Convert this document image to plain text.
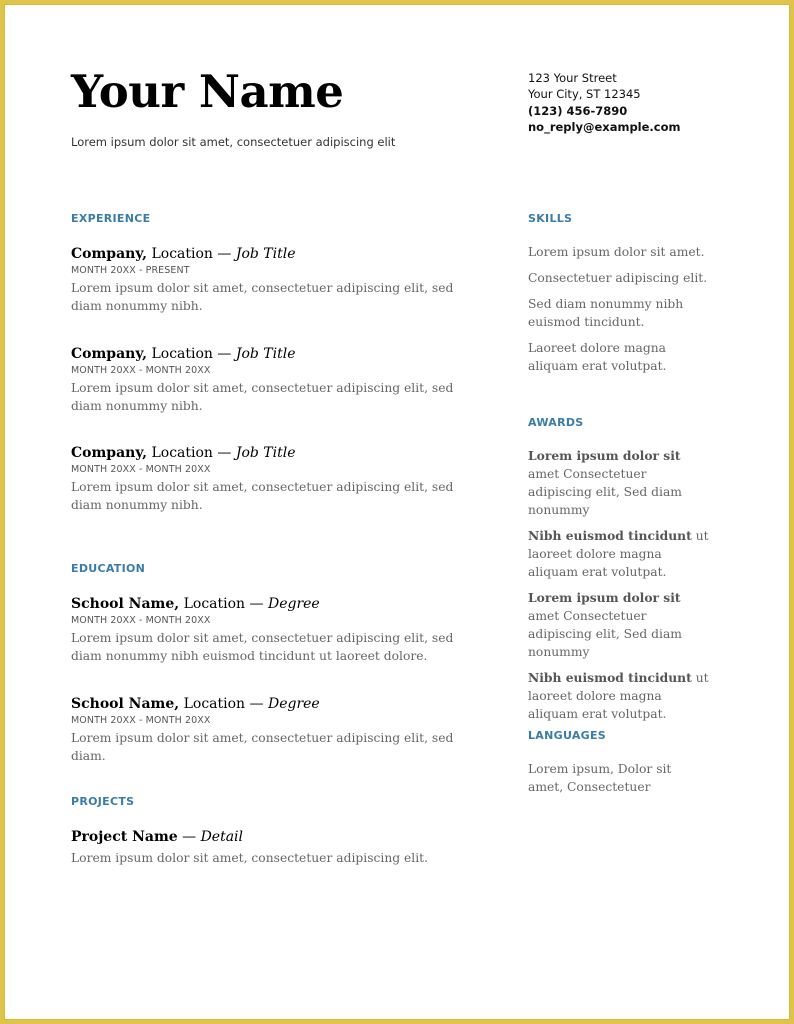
Your Name
Lorem ipsum dolor sit amet, consectetuer adipiscing elit
123 Your Street
Your City, ST 12345
(123) 456-7890
no_reply@example.com
EXPERIENCE
Company, Location — Job Title
MONTH 20XX - PRESENT
Lorem ipsum dolor sit amet, consectetuer adipiscing elit, sed diam nonummy nibh.
Company, Location — Job Title
MONTH 20XX - MONTH 20XX
Lorem ipsum dolor sit amet, consectetuer adipiscing elit, sed diam nonummy nibh.
Company, Location — Job Title
MONTH 20XX - MONTH 20XX
Lorem ipsum dolor sit amet, consectetuer adipiscing elit, sed diam nonummy nibh.
EDUCATION
School Name, Location — Degree
MONTH 20XX - MONTH 20XX
Lorem ipsum dolor sit amet, consectetuer adipiscing elit, sed diam nonummy nibh euismod tincidunt ut laoreet dolore.
School Name, Location — Degree
MONTH 20XX - MONTH 20XX
Lorem ipsum dolor sit amet, consectetuer adipiscing elit, sed diam.
PROJECTS
Project Name — Detail
Lorem ipsum dolor sit amet, consectetuer adipiscing elit.
SKILLS

Lorem ipsum dolor sit amet.

Consectetuer adipiscing elit.

Sed diam nonummy nibh euismod tincidunt.

Laoreet dolore magna aliquam erat volutpat.

AWARDS

Lorem ipsum dolor sit amet Consectetuer adipiscing elit, Sed diam nonummy

Nibh euismod tincidunt ut laoreet dolore magna aliquam erat volutpat.

Lorem ipsum dolor sit amet Consectetuer adipiscing elit, Sed diam nonummy

Nibh euismod tincidunt ut laoreet dolore magna aliquam erat volutpat.

LANGUAGES
Lorem ipsum, Dolor sit amet, Consectetuer
